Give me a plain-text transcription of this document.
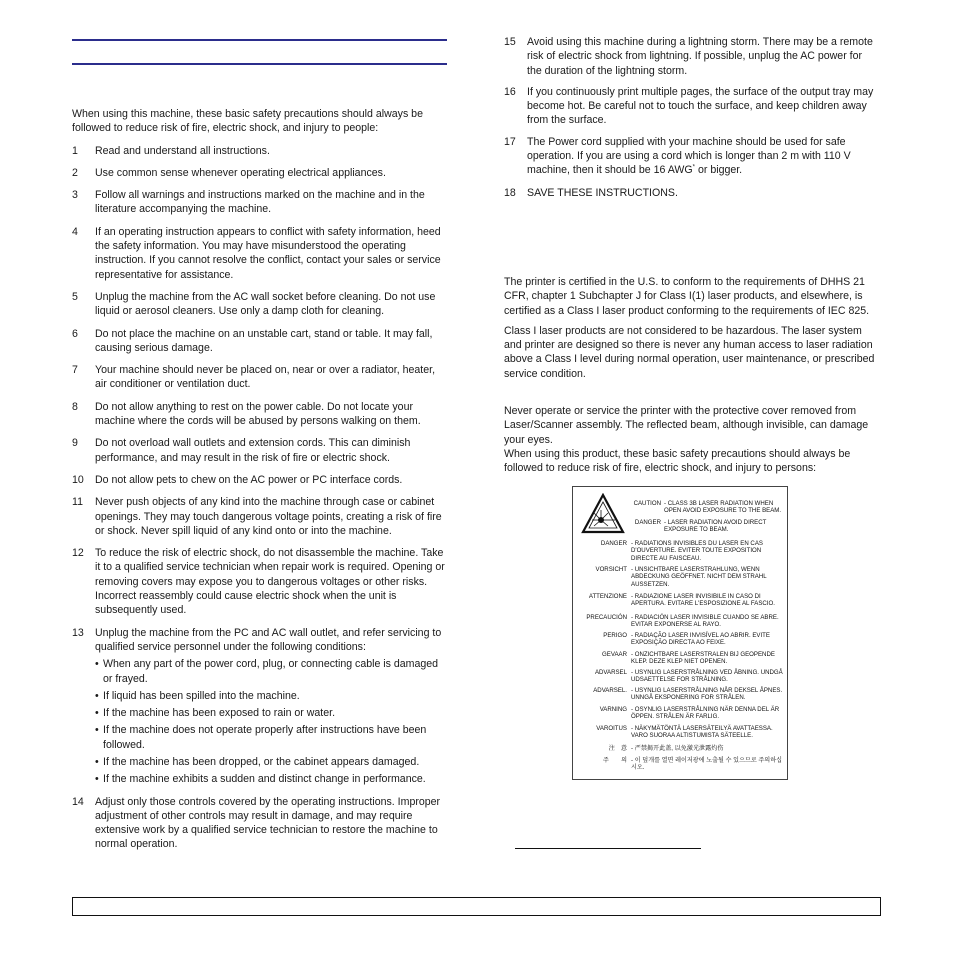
When using this machine, these basic safety precautions should always be followed to reduce risk of fire, electric shock, and injury to people:

1 Read and understand all instructions.
2 Use common sense whenever operating electrical appliances.
3 Follow all warnings and instructions marked on the machine and in the literature accompanying the machine.
4 If an operating instruction appears to conflict with safety information, heed the safety information. You may have misunderstood the operating instruction. If you cannot resolve the conflict, contact your sales or service representative for assistance.
5 Unplug the machine from the AC wall socket before cleaning. Do not use liquid or aerosol cleaners. Use only a damp cloth for cleaning.
6 Do not place the machine on an unstable cart, stand or table. It may fall, causing serious damage.
7 Your machine should never be placed on, near or over a radiator, heater, air conditioner or ventilation duct.
8 Do not allow anything to rest on the power cable. Do not locate your machine where the cords will be abused by persons walking on them.
9 Do not overload wall outlets and extension cords. This can diminish performance, and may result in the risk of fire or electric shock.
10 Do not allow pets to chew on the AC power or PC interface cords.
11 Never push objects of any kind into the machine through case or cabinet openings. They may touch dangerous voltage points, creating a risk of fire or shock. Never spill liquid of any kind onto or into the machine.
12 To reduce the risk of electric shock, do not disassemble the machine. Take it to a qualified service technician when repair work is required. Opening or removing covers may expose you to dangerous voltages or other risks. Incorrect reassembly could cause electric shock when the unit is subsequently used.
13 Unplug the machine from the PC and AC wall outlet, and refer servicing to qualified service personnel under the following conditions:
• When any part of the power cord, plug, or connecting cable is damaged or frayed.
• If liquid has been spilled into the machine.
• If the machine has been exposed to rain or water.
• If the machine does not operate properly after instructions have been followed.
• If the machine has been dropped, or the cabinet appears damaged.
• If the machine exhibits a sudden and distinct change in performance.
14 Adjust only those controls covered by the operating instructions. Improper adjustment of other controls may result in damage, and may require extensive work by a qualified service technician to restore the machine to normal operation.
15 Avoid using this machine during a lightning storm. There may be a remote risk of electric shock from lightning. If possible, unplug the AC power for the duration of the lightning storm.
16 If you continuously print multiple pages, the surface of the output tray may become hot. Be careful not to touch the surface, and keep children away from the surface.
17 The Power cord supplied with your machine should be used for safe operation. If you are using a cord which is longer than 2 m with 110 V machine, then it should be 16 AWG* or bigger.
18 SAVE THESE INSTRUCTIONS.

The printer is certified in the U.S. to conform to the requirements of DHHS 21 CFR, chapter 1 Subchapter J for Class I(1) laser products, and elsewhere, is certified as a Class I laser product conforming to the requirements of IEC 825.

Class I laser products are not considered to be hazardous. The laser system and printer are designed so there is never any human access to laser radiation above a Class I level during normal operation, user maintenance, or prescribed service condition.

Never operate or service the printer with the protective cover removed from Laser/Scanner assembly. The reflected beam, although invisible, can damage your eyes.

When using this product, these basic safety precautions should always be followed to reduce risk of fire, electric shock, and injury to persons:

CAUTION - CLASS 3B LASER RADIATION WHEN OPEN AVOID EXPOSURE TO THE BEAM.
DANGER - LASER RADIATION AVOID DIRECT EXPOSURE TO BEAM.
DANGER - RADIATIONS INVISIBLES DU LASER EN CAS D'OUVERTURE. EVITER TOUTE EXPOSITION DIRECTE AU FAISCEAU.
VORSICHT - UNSICHTBARE LASERSTRAHLUNG, WENN ABDECKUNG GEÖFFNET. NICHT DEM STRAHL AUSSETZEN.
ATTENZIONE - RADIAZIONE LASER INVISIBILE IN CASO DI APERTURA. EVITARE L'ESPOSIZIONE AL FASCIO.
PRECAUCIÓN - RADIACIÓN LASER INVISIBLE CUANDO SE ABRE. EVITAR EXPONERSE AL RAYO.
PERIGO - RADIAÇÃO LASER INVISÍVEL AO ABRIR. EVITE EXPOSIÇÃO DIRECTA AO FEIXE.
GEVAAR - ONZICHTBARE LASERSTRALEN BIJ GEOPENDE KLEP. DEZE KLEP NIET OPENEN.
ADVARSEL - USYNLIG LASERSTRÅLNING VED ÅBNING. UNDGÅ UDSAETTELSE FOR STRÅLNING.
ADVARSEL. - USYNLIG LASERSTRÅLNING NÅR DEKSEL ÅPNES. UNNGÅ EKSPONERING FOR STRÅLEN.
VARNING - OSYNLIG LASERSTRÅLNING NÄR DENNA DEL ÄR ÖPPEN. STRÅLEN ÄR FARLIG.
VAROITUS - NÄKYMÄTÖNTÄ LASERSÄTEILYÄ AVATTAESSA. VARO SUORAA ALTISTUMISTA SÄTEELLE.
注　意 - 严禁揭开此盖, 以免激光泄露灼伤
주　　의 - 이 덮개를 열면 레이저광에 노출될 수 있으므로 주의하십시오.
